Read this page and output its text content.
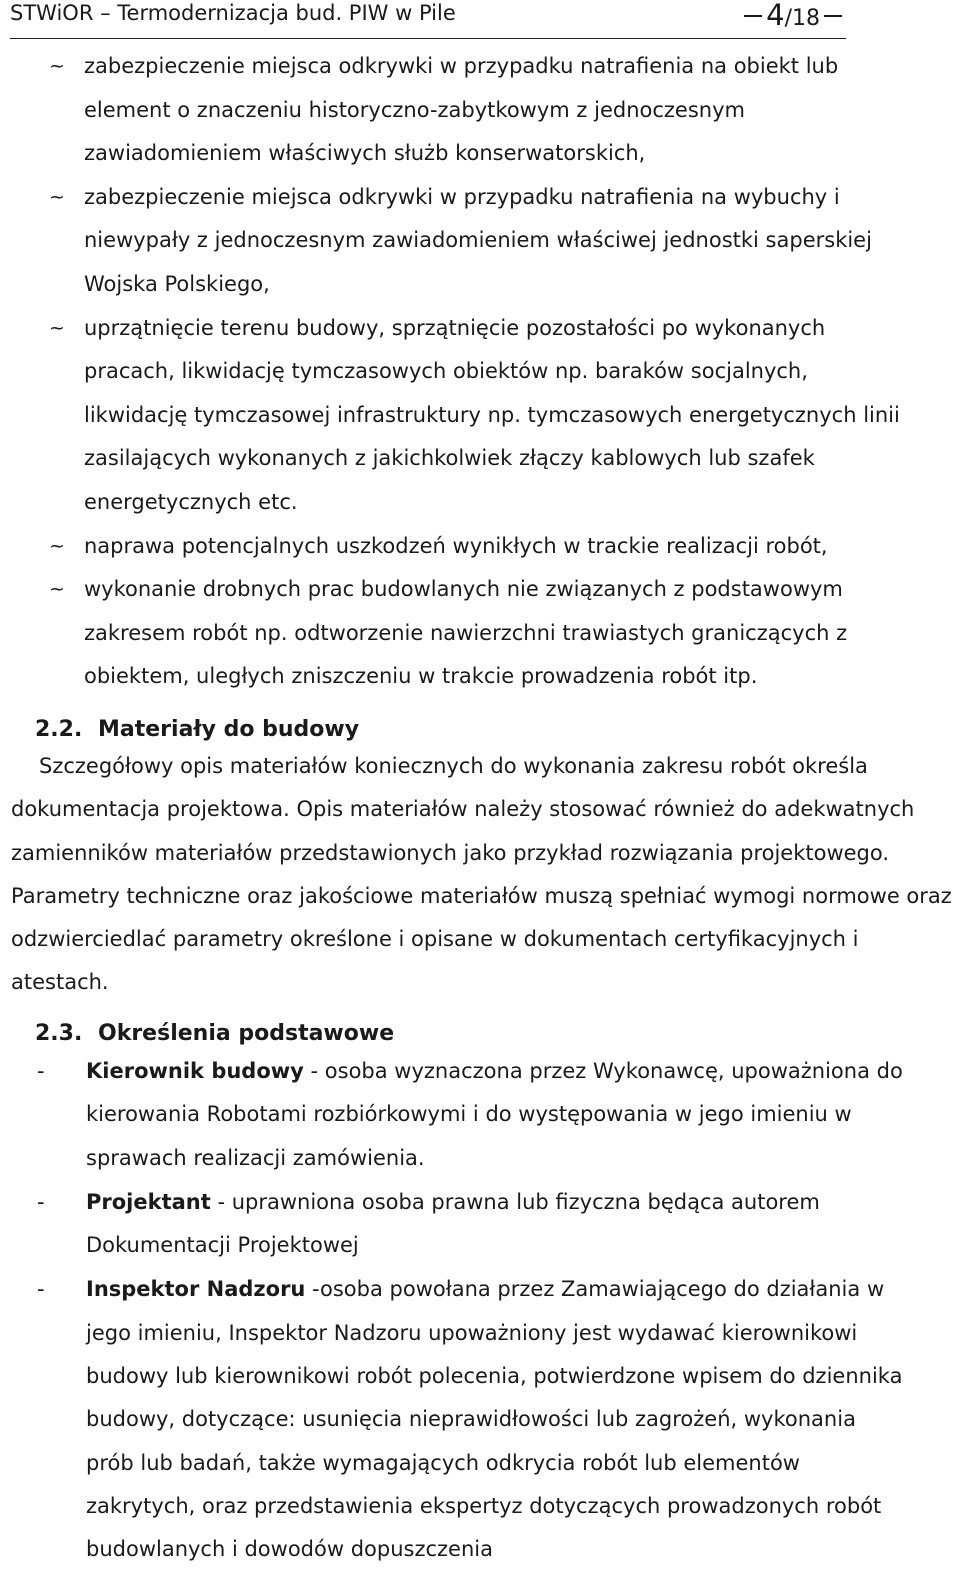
STWiOR – Termodernizacja bud. PIW w Pile	4 / 18
~ zabezpieczenie miejsca odkrywki w przypadku natrafienia na obiekt lub element o znaczeniu historyczno-zabytkowym z jednoczesnym zawiadomieniem właściwych służb konserwatorskich,
~ zabezpieczenie miejsca odkrywki w przypadku natrafienia na wybuchy i niewypały z jednoczesnym zawiadomieniem właściwej jednostki saperskiej Wojska Polskiego,
~ uprzątnięcie terenu budowy, sprzątnięcie pozostałości po wykonanych pracach, likwidację tymczasowych obiektów np. baraków socjalnych, likwidację tymczasowej infrastruktury np. tymczasowych energetycznych linii zasilających wykonanych z jakichkolwiek złączy kablowych lub szafek energetycznych etc.
~ naprawa potencjalnych uszkodzeń wynikłych w trackie realizacji robót,
~ wykonanie drobnych prac budowlanych nie związanych z podstawowym zakresem robót np. odtworzenie nawierzchni trawiastych graniczących z obiektem, uległych zniszczeniu w trakcie prowadzenia robót itp.
2.2. Materiały do budowy

Szczegółowy opis materiałów koniecznych do wykonania zakresu robót określa dokumentacja projektowa. Opis materiałów należy stosować również do adekwatnych zamienników materiałów przedstawionych jako przykład rozwiązania projektowego. Parametry techniczne oraz jakościowe materiałów muszą spełniać wymogi normowe oraz odzwierciedlać parametry określone i opisane w dokumentach certyfikacyjnych i atestach.

2.3. Określenia podstawowe
- Kierownik budowy - osoba wyznaczona przez Wykonawcę, upoważniona do kierowania Robotami rozbiórkowymi i do występowania w jego imieniu w sprawach realizacji zamówienia.
- Projektant - uprawniona osoba prawna lub fizyczna będąca autorem Dokumentacji Projektowej
- Inspektor Nadzoru -osoba powołana przez Zamawiającego do działania w jego imieniu, Inspektor Nadzoru upoważniony jest wydawać kierownikowi budowy lub kierownikowi robót polecenia, potwierdzone wpisem do dziennika budowy, dotyczące: usunięcia nieprawidłowości lub zagrożeń, wykonania prób lub badań, także wymagających odkrycia robót lub elementów zakrytych, oraz przedstawienia ekspertyz dotyczących prowadzonych robót budowlanych i dowodów dopuszczenia
